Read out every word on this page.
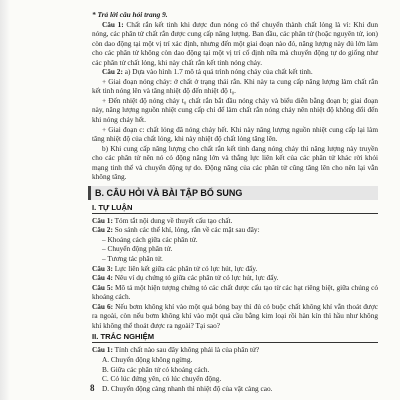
* Trả lời câu hỏi trang 9.

Câu 1: Chất rắn kết tinh khi được đun nóng có thể chuyển thành chất lỏng là vì: Khi đun nóng, các phân tử chất rắn được cung cấp năng lượng. Ban đầu, các phân tử (hoặc nguyên tử, ion) còn dao động tại một vị trí xác định, nhưng đến một giai đoạn nào đó, năng lượng này đủ lớn làm cho các phân tử không còn dao động tại một vị trí cố định nữa mà chuyển động tự do giống như các phân tử chất lỏng, khi này chất rắn kết tinh nóng chảy.

Câu 2: a) Dựa vào hình 1.7 mô tả quá trình nóng chảy của chất kết tinh.

+ Giai đoạn nóng chảy: ở chất ở trạng thái rắn. Khi này ta cung cấp năng lượng làm chất rắn kết tinh nóng lên và tăng nhiệt độ đến nhiệt độ t₀.

+ Đến nhiệt độ nóng chảy t₀ chất rắn bắt đầu nóng chảy và biểu diễn bằng đoạn b; giai đoạn này, năng lượng nguồn nhiệt cung cấp chỉ để làm chất rắn nóng chảy nên nhiệt độ không đổi đến khi nóng chảy hết.

+ Giai đoạn c: chất lỏng đã nóng chảy hết. Khi này năng lượng nguồn nhiệt cung cấp lại làm tăng nhiệt độ của chất lỏng, khi này nhiệt độ chất lỏng tăng lên.

b) Khi cung cấp năng lượng cho chất rắn kết tinh đang nóng chảy thì năng lượng này truyền cho các phân tử nên nó có động năng lớn và thắng lực liên kết của các phân tử khác rời khỏi mạng tinh thể và chuyển động tự do. Động năng của các phân tử cũng tăng lên cho nên lại vẫn không tăng.

B. CÂU HỎI VÀ BÀI TẬP BỔ SUNG
I. TỰ LUẬN

Câu 1: Tóm tắt nội dung về thuyết cấu tạo chất.

Câu 2: So sánh các thể khí, lỏng, rắn về các mặt sau đây:

– Khoảng cách giữa các phân tử.

– Chuyển động phân tử.

– Tương tác phân tử.

Câu 3: Lực liên kết giữa các phân tử có lực hút, lực đẩy.

Câu 4: Nêu ví dụ chứng tỏ giữa các phân tử có lực hút, lực đẩy.

Câu 5: Mô tả một hiện tượng chứng tỏ các chất được cấu tạo từ các hạt riêng biệt, giữa chúng có khoảng cách.

Câu 6: Nếu bơm không khí vào một quả bóng bay thì đủ có buộc chất không khí vẫn thoát được ra ngoài, còn nếu bơm không khí vào một quả cầu bằng kim loại rồi hàn kín thì hầu như không khí không thể thoát được ra ngoài? Tại sao?

II. TRẮC NGHIỆM

Câu 1: Tính chất nào sau đây không phải là của phân tử?

A. Chuyển động không ngừng.

B. Giữa các phân tử có khoảng cách.

C. Có lúc đứng yên, có lúc chuyển động.

D. Chuyển động càng nhanh thì nhiệt độ của vật càng cao.

8
